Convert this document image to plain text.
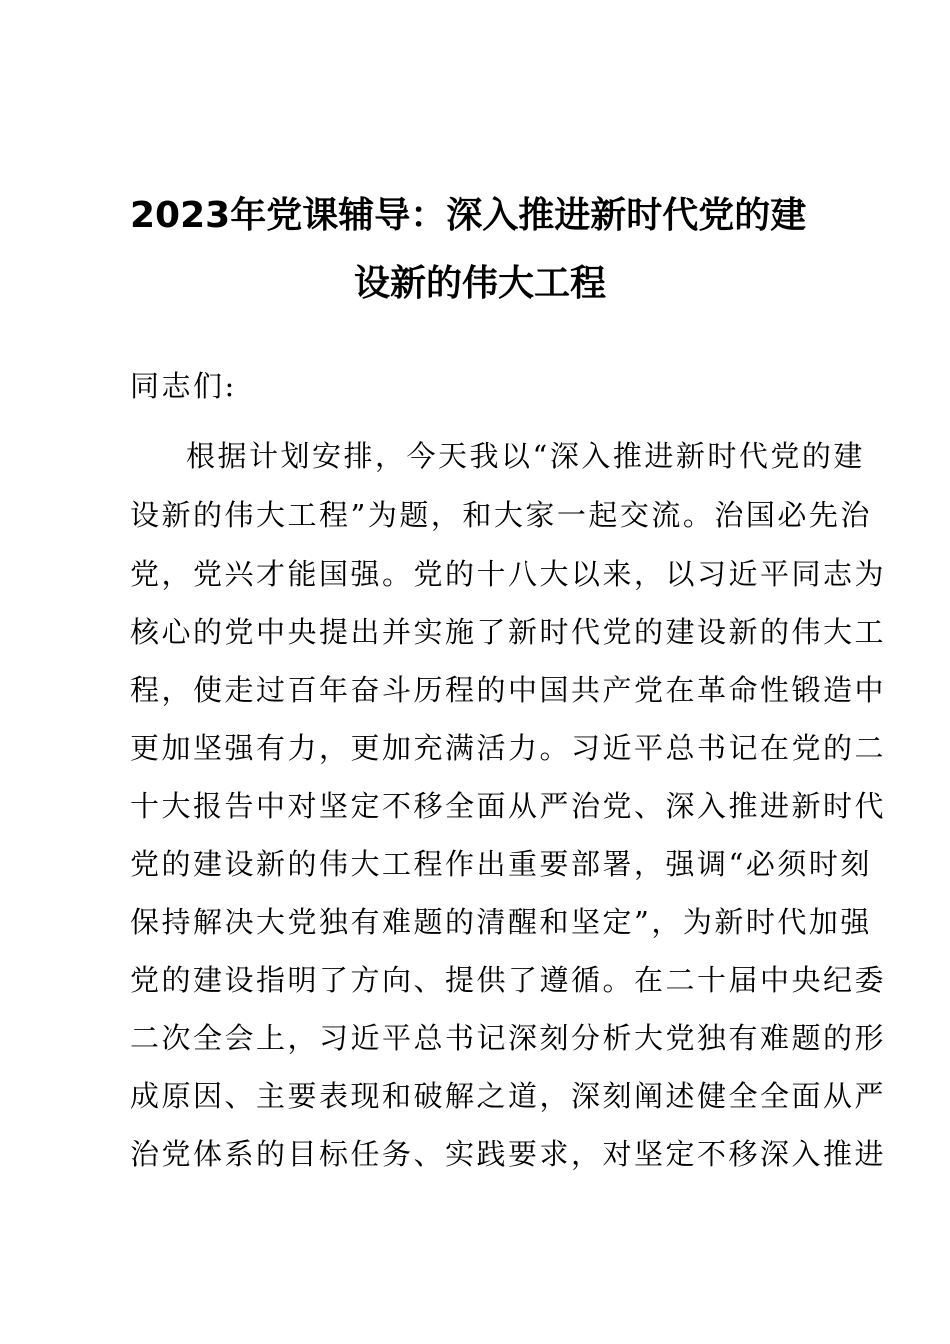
2023年党课辅导：深入推进新时代党的建
设新的伟大工程
同志们:
根据计划安排，今天我以“深入推进新时代党的建
设新的伟大工程”为题，和大家一起交流。治国必先治
党，党兴才能国强。党的十八大以来，以习近平同志为
核心的党中央提出并实施了新时代党的建设新的伟大工
程，使走过百年奋斗历程的中国共产党在革命性锻造中
更加坚强有力，更加充满活力。习近平总书记在党的二
十大报告中对坚定不移全面从严治党、深入推进新时代
党的建设新的伟大工程作出重要部署，强调“必须时刻
保持解决大党独有难题的清醒和坚定”，为新时代加强
党的建设指明了方向、提供了遵循。在二十届中央纪委
二次全会上，习近平总书记深刻分析大党独有难题的形
成原因、主要表现和破解之道，深刻阐述健全全面从严
治党体系的目标任务、实践要求，对坚定不移深入推进
